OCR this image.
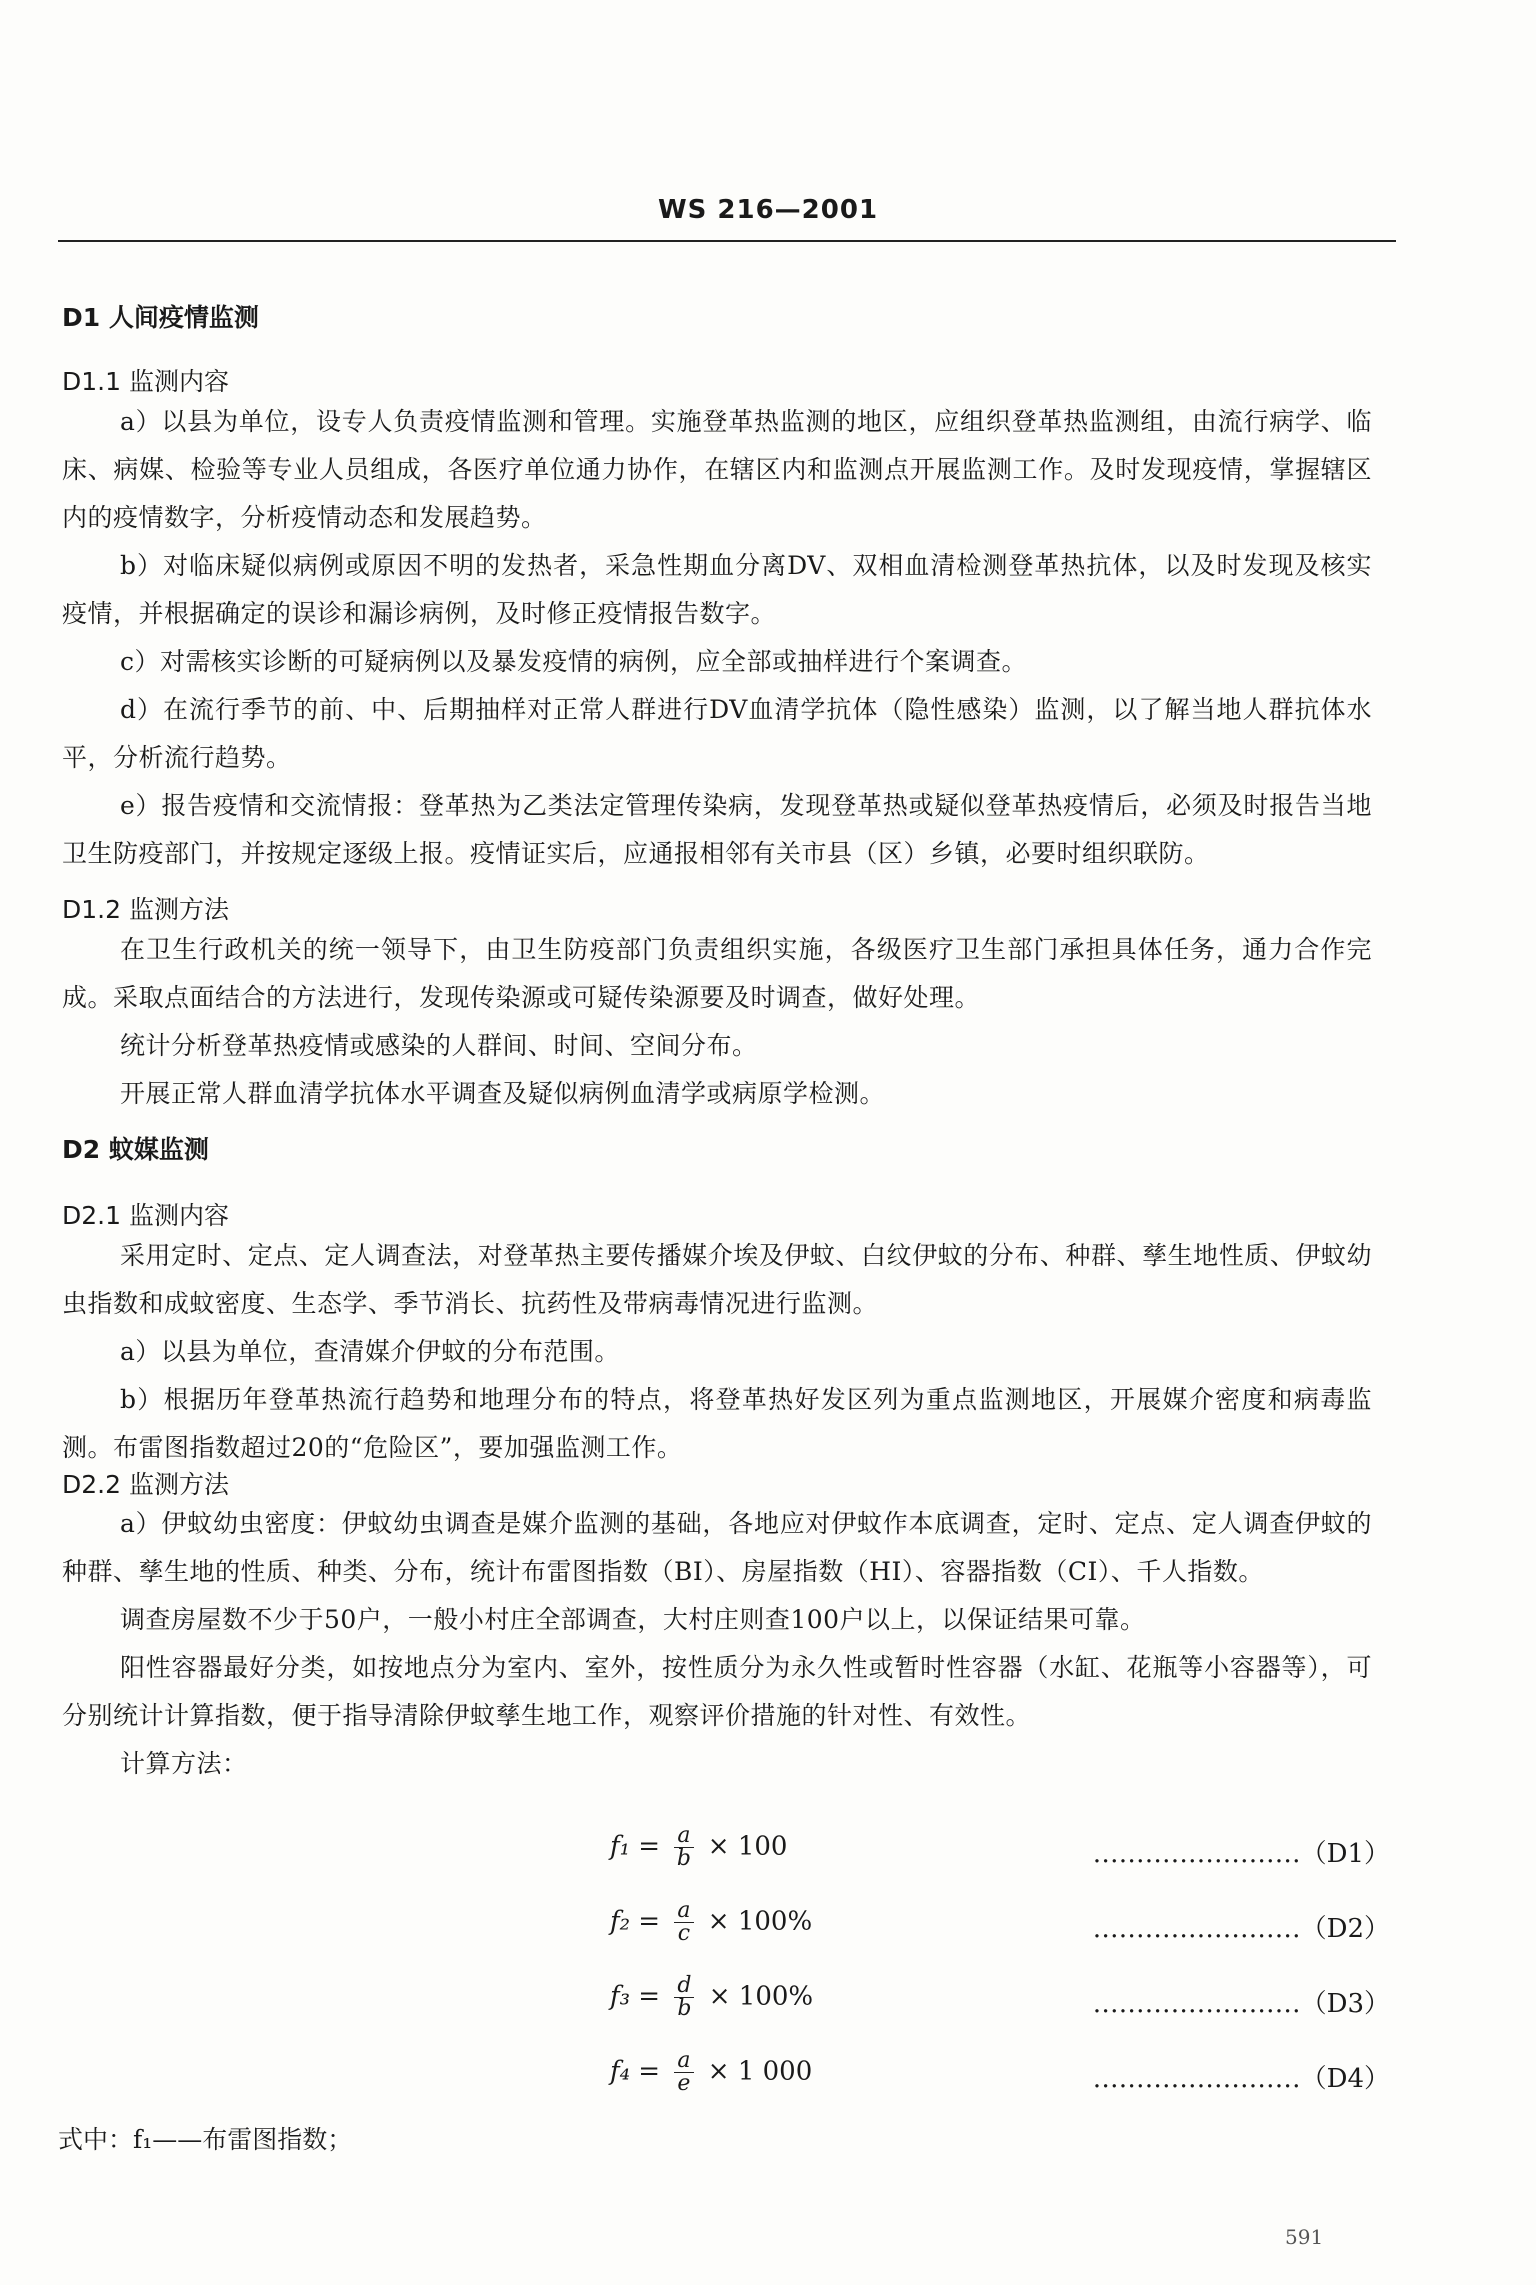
WS 216—2001
D1 人间疫情监测
D1.1 监测内容
a）以县为单位，设专人负责疫情监测和管理。实施登革热监测的地区，应组织登革热监测组，由流行病学、临床、病媒、检验等专业人员组成，各医疗单位通力协作，在辖区内和监测点开展监测工作。及时发现疫情，掌握辖区内的疫情数字，分析疫情动态和发展趋势。
b）对临床疑似病例或原因不明的发热者，采急性期血分离DV、双相血清检测登革热抗体，以及时发现及核实疫情，并根据确定的误诊和漏诊病例，及时修正疫情报告数字。
c）对需核实诊断的可疑病例以及暴发疫情的病例，应全部或抽样进行个案调查。
d）在流行季节的前、中、后期抽样对正常人群进行DV血清学抗体（隐性感染）监测，以了解当地人群抗体水平，分析流行趋势。
e）报告疫情和交流情报：登革热为乙类法定管理传染病，发现登革热或疑似登革热疫情后，必须及时报告当地卫生防疫部门，并按规定逐级上报。疫情证实后，应通报相邻有关市县（区）乡镇，必要时组织联防。
D1.2 监测方法
在卫生行政机关的统一领导下，由卫生防疫部门负责组织实施，各级医疗卫生部门承担具体任务，通力合作完成。采取点面结合的方法进行，发现传染源或可疑传染源要及时调查，做好处理。
统计分析登革热疫情或感染的人群间、时间、空间分布。
开展正常人群血清学抗体水平调查及疑似病例血清学或病原学检测。
D2 蚊媒监测
D2.1 监测内容
采用定时、定点、定人调查法，对登革热主要传播媒介埃及伊蚊、白纹伊蚊的分布、种群、孳生地性质、伊蚊幼虫指数和成蚊密度、生态学、季节消长、抗药性及带病毒情况进行监测。
a）以县为单位，查清媒介伊蚊的分布范围。
b）根据历年登革热流行趋势和地理分布的特点，将登革热好发区列为重点监测地区，开展媒介密度和病毒监测。布雷图指数超过20的“危险区”，要加强监测工作。
D2.2 监测方法
a）伊蚊幼虫密度：伊蚊幼虫调查是媒介监测的基础，各地应对伊蚊作本底调查，定时、定点、定人调查伊蚊的种群、孳生地的性质、种类、分布，统计布雷图指数（BI）、房屋指数（HI）、容器指数（CI）、千人指数。
调查房屋数不少于50户，一般小村庄全部调查，大村庄则查100户以上，以保证结果可靠。
阳性容器最好分类，如按地点分为室内、室外，按性质分为永久性或暂时性容器（水缸、花瓶等小容器等），可分别统计计算指数，便于指导清除伊蚊孳生地工作，观察评价措施的针对性、有效性。
计算方法：
$f_1 = \frac{a}{b} \times 100$	……………………（D1）
$f_2 = \frac{a}{c} \times 100\%$	……………………（D2）
$f_3 = \frac{d}{b} \times 100\%$	……………………（D3）
$f_4 = \frac{a}{e} \times 1$ 000	……………………（D4）
式中：f₁——布雷图指数；
591
